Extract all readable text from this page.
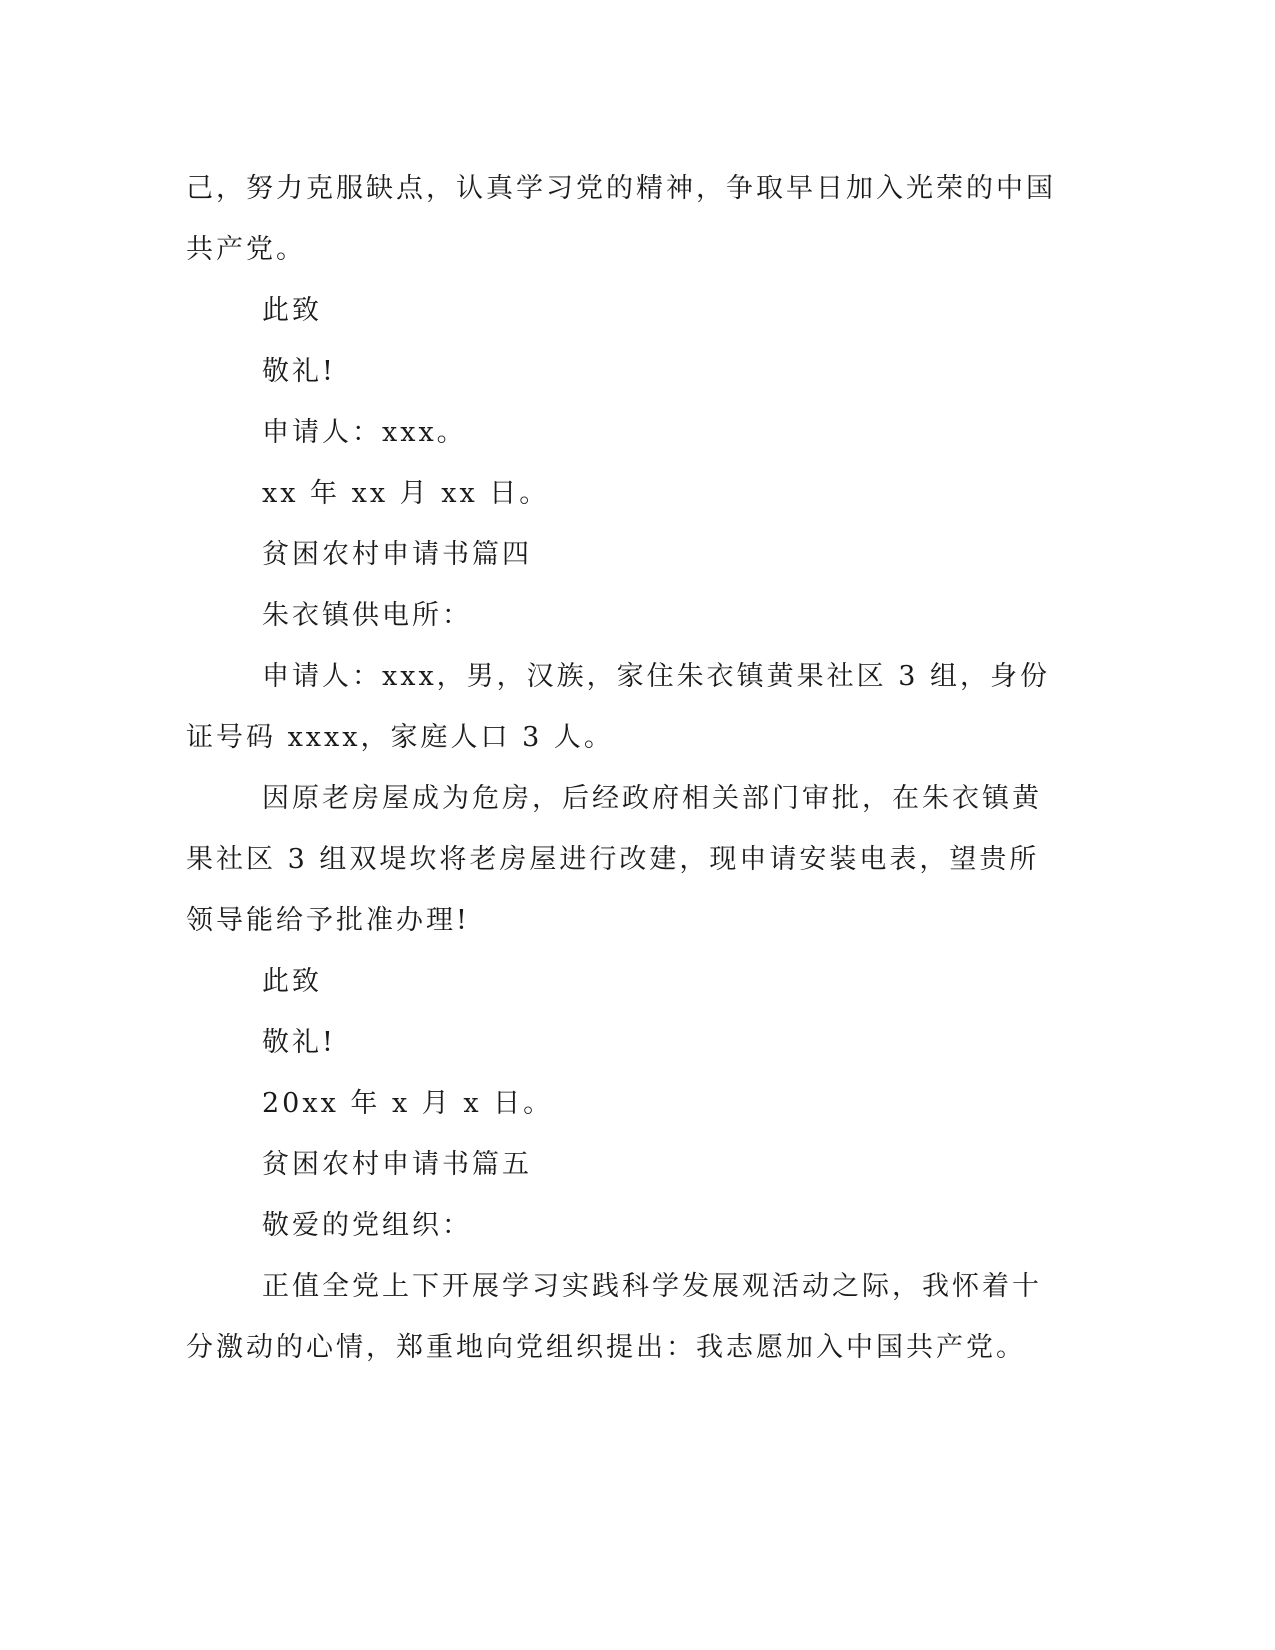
己，努力克服缺点，认真学习党的精神，争取早日加入光荣的中国共产党。

此致

敬礼!

申请人：xxx。

xx 年 xx 月 xx 日。

贫困农村申请书篇四

朱衣镇供电所：

申请人：xxx，男，汉族，家住朱衣镇黄果社区 3 组，身份证号码 xxxx，家庭人口 3 人。

因原老房屋成为危房，后经政府相关部门审批，在朱衣镇黄果社区 3 组双堤坎将老房屋进行改建，现申请安装电表，望贵所领导能给予批准办理!

此致

敬礼!

20xx 年 x 月 x 日。

贫困农村申请书篇五

敬爱的党组织：

正值全党上下开展学习实践科学发展观活动之际，我怀着十分激动的心情，郑重地向党组织提出：我志愿加入中国共产党。
